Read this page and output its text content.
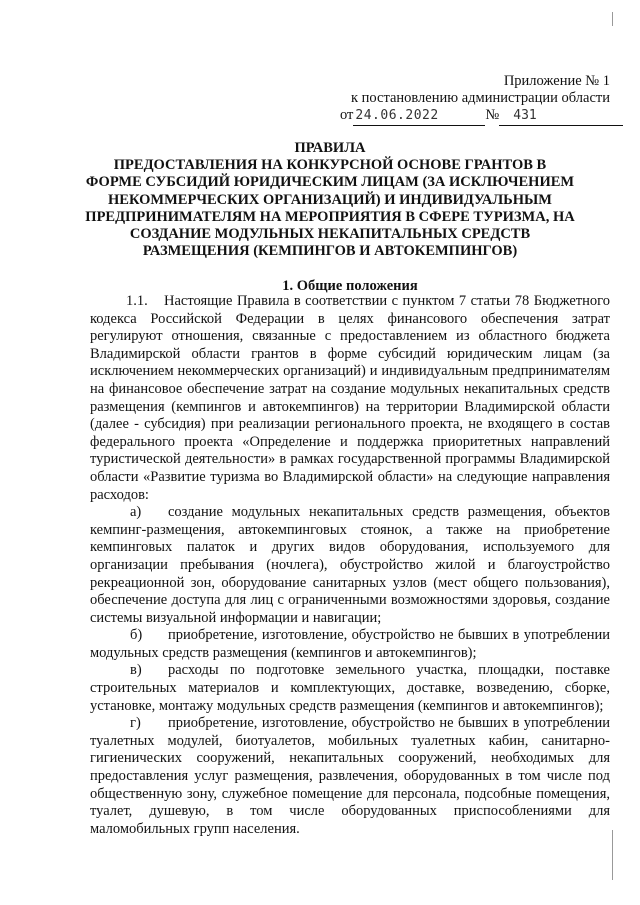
Приложение № 1
к постановлению администрации области
от 24.06.2022	№ 431
ПРАВИЛА
ПРЕДОСТАВЛЕНИЯ НА КОНКУРСНОЙ ОСНОВЕ ГРАНТОВ В
ФОРМЕ СУБСИДИЙ ЮРИДИЧЕСКИМ ЛИЦАМ (ЗА ИСКЛЮЧЕНИЕМ
НЕКОММЕРЧЕСКИХ ОРГАНИЗАЦИЙ) И ИНДИВИДУАЛЬНЫМ
ПРЕДПРИНИМАТЕЛЯМ НА МЕРОПРИЯТИЯ В СФЕРЕ ТУРИЗМА, НА
СОЗДАНИЕ МОДУЛЬНЫХ НЕКАПИТАЛЬНЫХ СРЕДСТВ
РАЗМЕЩЕНИЯ (КЕМПИНГОВ И АВТОКЕМПИНГОВ)
1. Общие положения

1.1. Настоящие Правила в соответствии с пунктом 7 статьи 78 Бюджетного кодекса Российской Федерации в целях финансового обеспечения затрат регулируют отношения, связанные с предоставлением из областного бюджета Владимирской области грантов в форме субсидий юридическим лицам (за исключением некоммерческих организаций) и индивидуальным предпринимателям на финансовое обеспечение затрат на создание модульных некапитальных средств размещения (кемпингов и автокемпингов) на территории Владимирской области (далее - субсидия) при реализации регионального проекта, не входящего в состав федерального проекта «Определение и поддержка приоритетных направлений туристической деятельности» в рамках государственной программы Владимирской области «Развитие туризма во Владимирской области» на следующие направления расходов:

а) создание модульных некапитальных средств размещения, объектов кемпинг-размещения, автокемпинговых стоянок, а также на приобретение кемпинговых палаток и других видов оборудования, используемого для организации пребывания (ночлега), обустройство жилой и благоустройство рекреационной зон, оборудование санитарных узлов (мест общего пользования), обеспечение доступа для лиц с ограниченными возможностями здоровья, создание системы визуальной информации и навигации;

б) приобретение, изготовление, обустройство не бывших в употреблении модульных средств размещения (кемпингов и автокемпингов);

в) расходы по подготовке земельного участка, площадки, поставке строительных материалов и комплектующих, доставке, возведению, сборке, установке, монтажу модульных средств размещения (кемпингов и автокемпингов);

г) приобретение, изготовление, обустройство не бывших в употреблении туалетных модулей, биотуалетов, мобильных туалетных кабин, санитарно-гигиенических сооружений, некапитальных сооружений, необходимых для предоставления услуг размещения, развлечения, оборудованных в том числе под общественную зону, служебное помещение для персонала, подсобные помещения, туалет, душевую, в том числе оборудованных приспособлениями для маломобильных групп населения.
